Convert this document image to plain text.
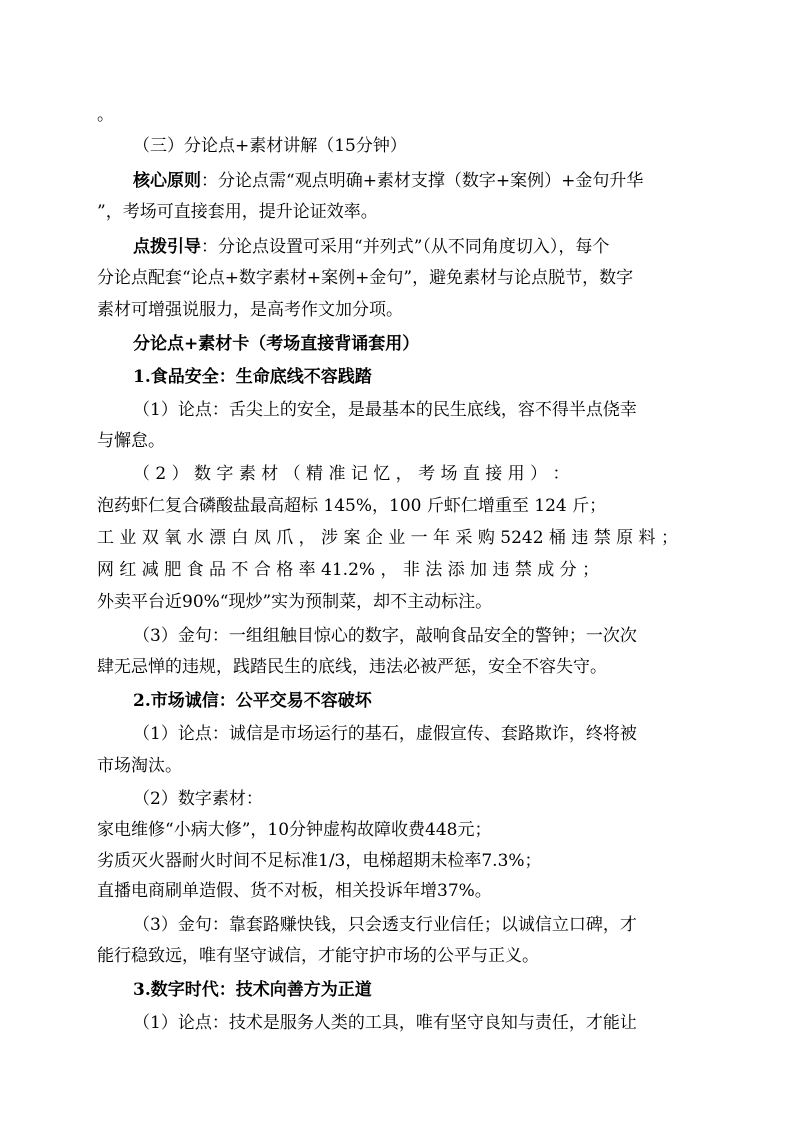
。
（三）分论点+素材讲解（15分钟）
核心原则：分论点需“观点明确+素材支撑（数字+案例）+金句升华
”，考场可直接套用，提升论证效率。
点拨引导：分论点设置可采用“并列式”（从不同角度切入），每个
分论点配套“论点+数字素材+案例+金句”，避免素材与论点脱节，数字
素材可增强说服力，是高考作文加分项。
分论点+素材卡（考场直接背诵套用）
1.食品安全：生命底线不容践踏
（1）论点：舌尖上的安全，是最基本的民生底线，容不得半点侥幸
与懈怠。
（ 2 ） 数 字 素 材 （ 精 准 记 忆 ， 考 场 直 接 用 ） ：
泡药虾仁复合磷酸盐最高超标 145%，100 斤虾仁增重至 124 斤；
工 业 双 氧 水 漂 白 凤 爪 ， 涉 案 企 业 一 年 采 购 5242 桶 违 禁 原 料 ；
网 红 减 肥 食 品 不 合 格 率 41.2% ， 非 法 添 加 违 禁 成 分 ；
外卖平台近90%“现炒”实为预制菜，却不主动标注。
（3）金句：一组组触目惊心的数字，敲响食品安全的警钟；一次次
肆无忌惮的违规，践踏民生的底线，违法必被严惩，安全不容失守。
2.市场诚信：公平交易不容破坏
（1）论点：诚信是市场运行的基石，虚假宣传、套路欺诈，终将被
市场淘汰。
（2）数字素材：
家电维修“小病大修”，10分钟虚构故障收费448元；
劣质灭火器耐火时间不足标准1/3，电梯超期未检率7.3%；
直播电商刷单造假、货不对板，相关投诉年增37%。
（3）金句：靠套路赚快钱，只会透支行业信任；以诚信立口碑，才
能行稳致远，唯有坚守诚信，才能守护市场的公平与正义。
3.数字时代：技术向善方为正道
（1）论点：技术是服务人类的工具，唯有坚守良知与责任，才能让
